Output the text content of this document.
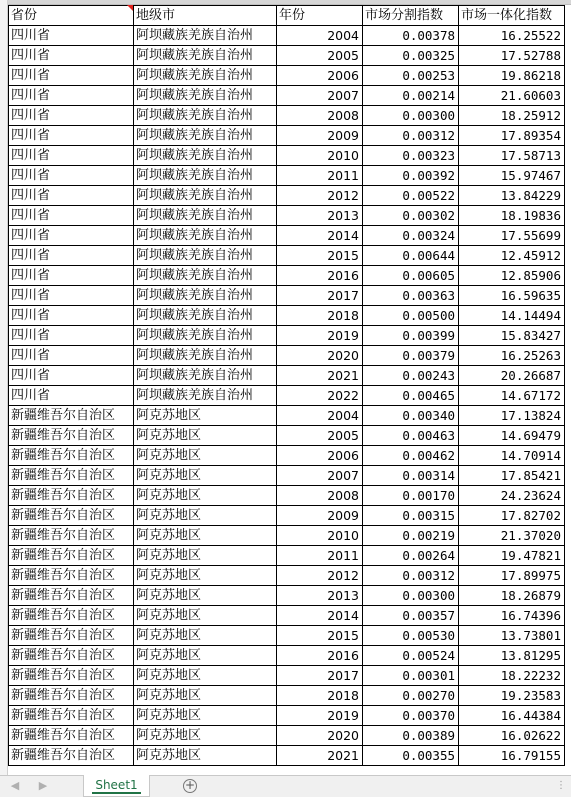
省份	地级市	年份	市场分割指数	市场一体化指数
四川省	阿坝藏族羌族自治州	2004	0.00378	16.25522
四川省	阿坝藏族羌族自治州	2005	0.00325	17.52788
四川省	阿坝藏族羌族自治州	2006	0.00253	19.86218
四川省	阿坝藏族羌族自治州	2007	0.00214	21.60603
四川省	阿坝藏族羌族自治州	2008	0.00300	18.25912
四川省	阿坝藏族羌族自治州	2009	0.00312	17.89354
四川省	阿坝藏族羌族自治州	2010	0.00323	17.58713
四川省	阿坝藏族羌族自治州	2011	0.00392	15.97467
四川省	阿坝藏族羌族自治州	2012	0.00522	13.84229
四川省	阿坝藏族羌族自治州	2013	0.00302	18.19836
四川省	阿坝藏族羌族自治州	2014	0.00324	17.55699
四川省	阿坝藏族羌族自治州	2015	0.00644	12.45912
四川省	阿坝藏族羌族自治州	2016	0.00605	12.85906
四川省	阿坝藏族羌族自治州	2017	0.00363	16.59635
四川省	阿坝藏族羌族自治州	2018	0.00500	14.14494
四川省	阿坝藏族羌族自治州	2019	0.00399	15.83427
四川省	阿坝藏族羌族自治州	2020	0.00379	16.25263
四川省	阿坝藏族羌族自治州	2021	0.00243	20.26687
四川省	阿坝藏族羌族自治州	2022	0.00465	14.67172
新疆维吾尔自治区	阿克苏地区	2004	0.00340	17.13824
新疆维吾尔自治区	阿克苏地区	2005	0.00463	14.69479
新疆维吾尔自治区	阿克苏地区	2006	0.00462	14.70914
新疆维吾尔自治区	阿克苏地区	2007	0.00314	17.85421
新疆维吾尔自治区	阿克苏地区	2008	0.00170	24.23624
新疆维吾尔自治区	阿克苏地区	2009	0.00315	17.82702
新疆维吾尔自治区	阿克苏地区	2010	0.00219	21.37020
新疆维吾尔自治区	阿克苏地区	2011	0.00264	19.47821
新疆维吾尔自治区	阿克苏地区	2012	0.00312	17.89975
新疆维吾尔自治区	阿克苏地区	2013	0.00300	18.26879
新疆维吾尔自治区	阿克苏地区	2014	0.00357	16.74396
新疆维吾尔自治区	阿克苏地区	2015	0.00530	13.73801
新疆维吾尔自治区	阿克苏地区	2016	0.00524	13.81295
新疆维吾尔自治区	阿克苏地区	2017	0.00301	18.22232
新疆维吾尔自治区	阿克苏地区	2018	0.00270	19.23583
新疆维吾尔自治区	阿克苏地区	2019	0.00370	16.44384
新疆维吾尔自治区	阿克苏地区	2020	0.00389	16.02622
新疆维吾尔自治区	阿克苏地区	2021	0.00355	16.79155
◀ ▶	Sheet1	+	⋮
